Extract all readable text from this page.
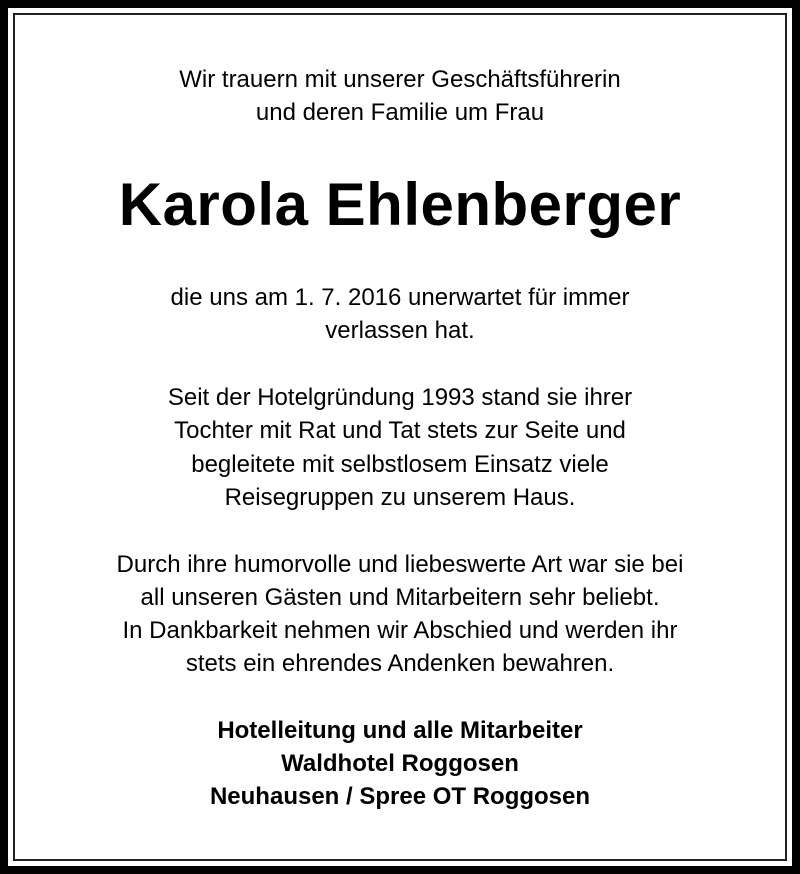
Wir trauern mit unserer Geschäftsführerin
und deren Familie um Frau
Karola Ehlenberger
die uns am 1. 7. 2016 unerwartet für immer
verlassen hat.
Seit der Hotelgründung 1993 stand sie ihrer
Tochter mit Rat und Tat stets zur Seite und
begleitete mit selbstlosem Einsatz viele
Reisegruppen zu unserem Haus.
Durch ihre humorvolle und liebeswerte Art war sie bei
all unseren Gästen und Mitarbeitern sehr beliebt.
In Dankbarkeit nehmen wir Abschied und werden ihr
stets ein ehrendes Andenken bewahren.
Hotelleitung und alle Mitarbeiter
Waldhotel Roggosen
Neuhausen / Spree OT Roggosen
